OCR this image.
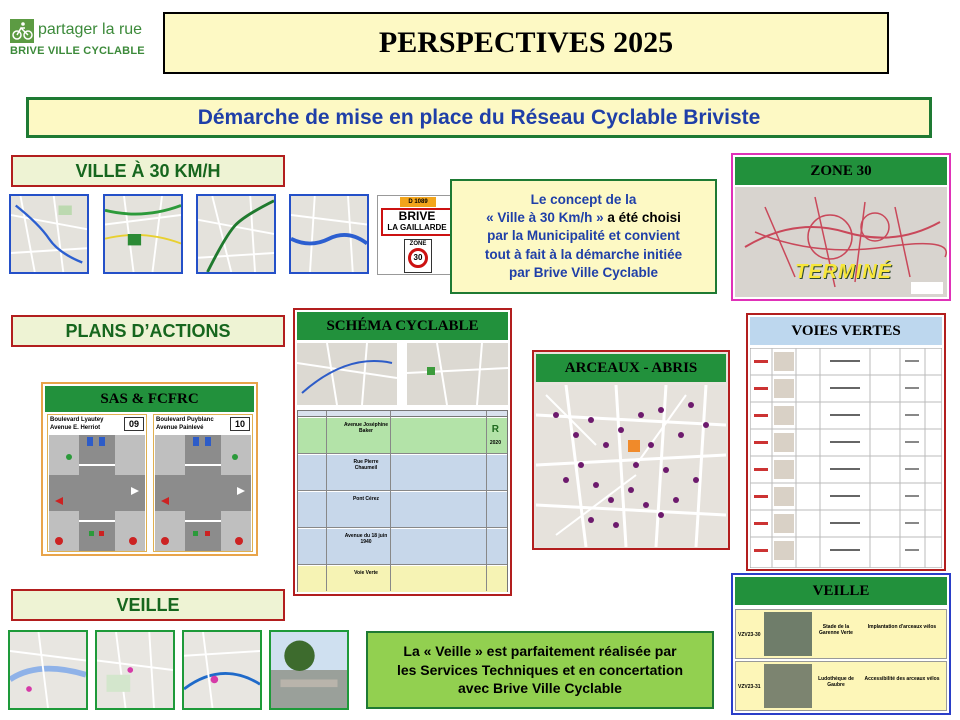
partager la rue
BRIVE VILLE CYCLABLE	PERSPECTIVES 2025
Démarche de mise en place du Réseau Cyclable Briviste
VILLE À 30 KM/H
D 1089
BRIVE
LA GAILLARDE
ZONE
30
Le concept de la
« Ville à 30 Km/h » a été choisi
par la Municipalité et convient
tout à fait à la démarche initiée
par Brive Ville Cyclable
ZONE 30
TERMINÉ
PLANS D’ACTIONS
SAS & FCFRC
Boulevard Lyautey
Avenue E. Herriot	09	Boulevard Puyblanc
Avenue Painlevé	10
SCHÉMA CYCLABLE
Avenue Joséphine Baker	R
2020
Rue Pierre Chaumeil
Pont Cérez
Avenue du 18 juin 1940
Voie Verte
ARCEAUX - ABRIS
VOIES VERTES
VEILLE
La « Veille » est parfaitement réalisée par
les Services Techniques et en concertation
avec Brive Ville Cyclable
VEILLE
VZV23-30
Stade de la Garenne Verte
Implantation d'arceaux vélos
VZV23-31
Ludothèque de Gaubre
Accessibilité des arceaux vélos
